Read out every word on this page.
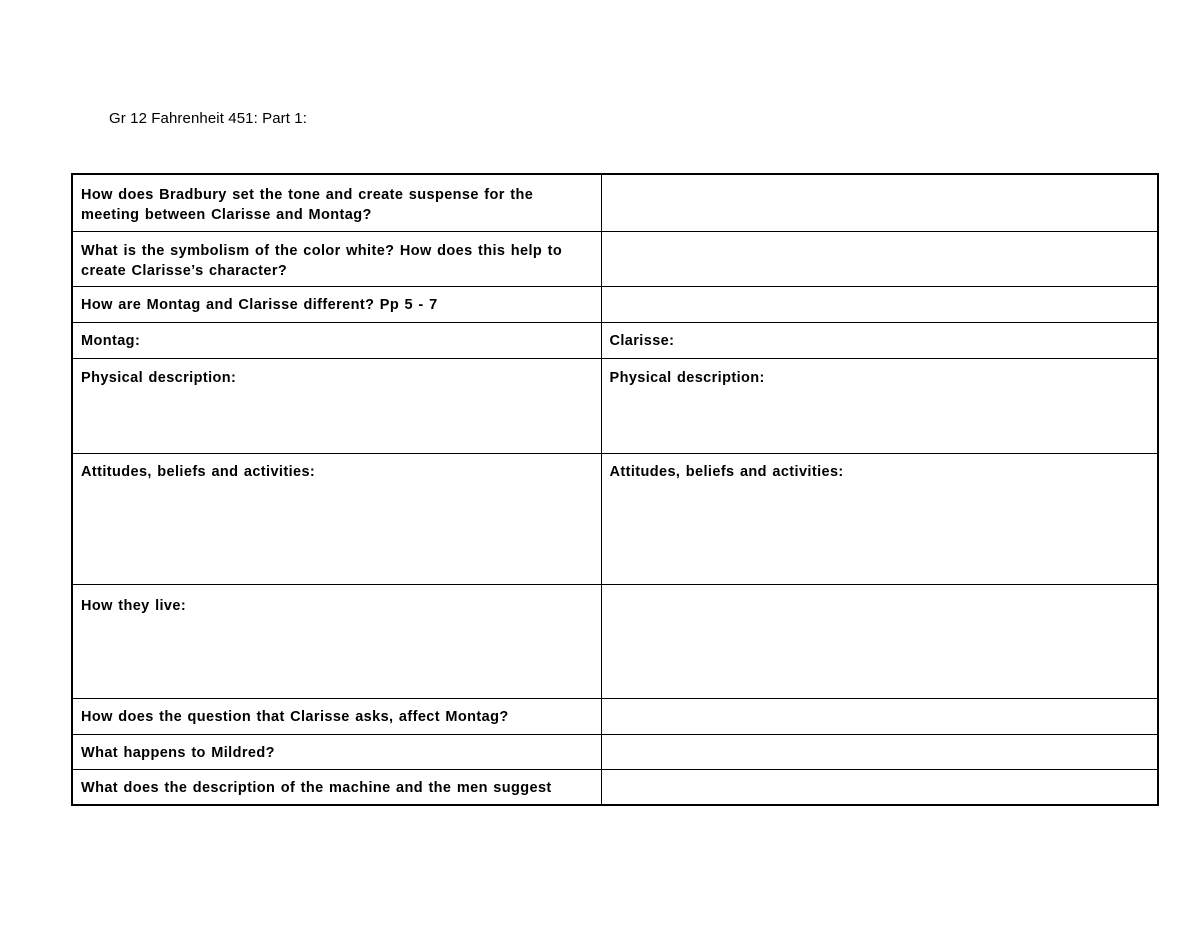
Gr 12 Fahrenheit 451: Part 1:
How does Bradbury set the tone and create suspense for the meeting between Clarisse and Montag?	
What is the symbolism of the color white? How does this help to create Clarisse’s character?	
How are Montag and Clarisse different? Pp 5 - 7	
Montag:	Clarisse:
Physical description:	Physical description:
Attitudes, beliefs and activities:	Attitudes, beliefs and activities:
How they live:	
How does the question that Clarisse asks, affect Montag?	
What happens to Mildred?	
What does the description of the machine and the men suggest	
